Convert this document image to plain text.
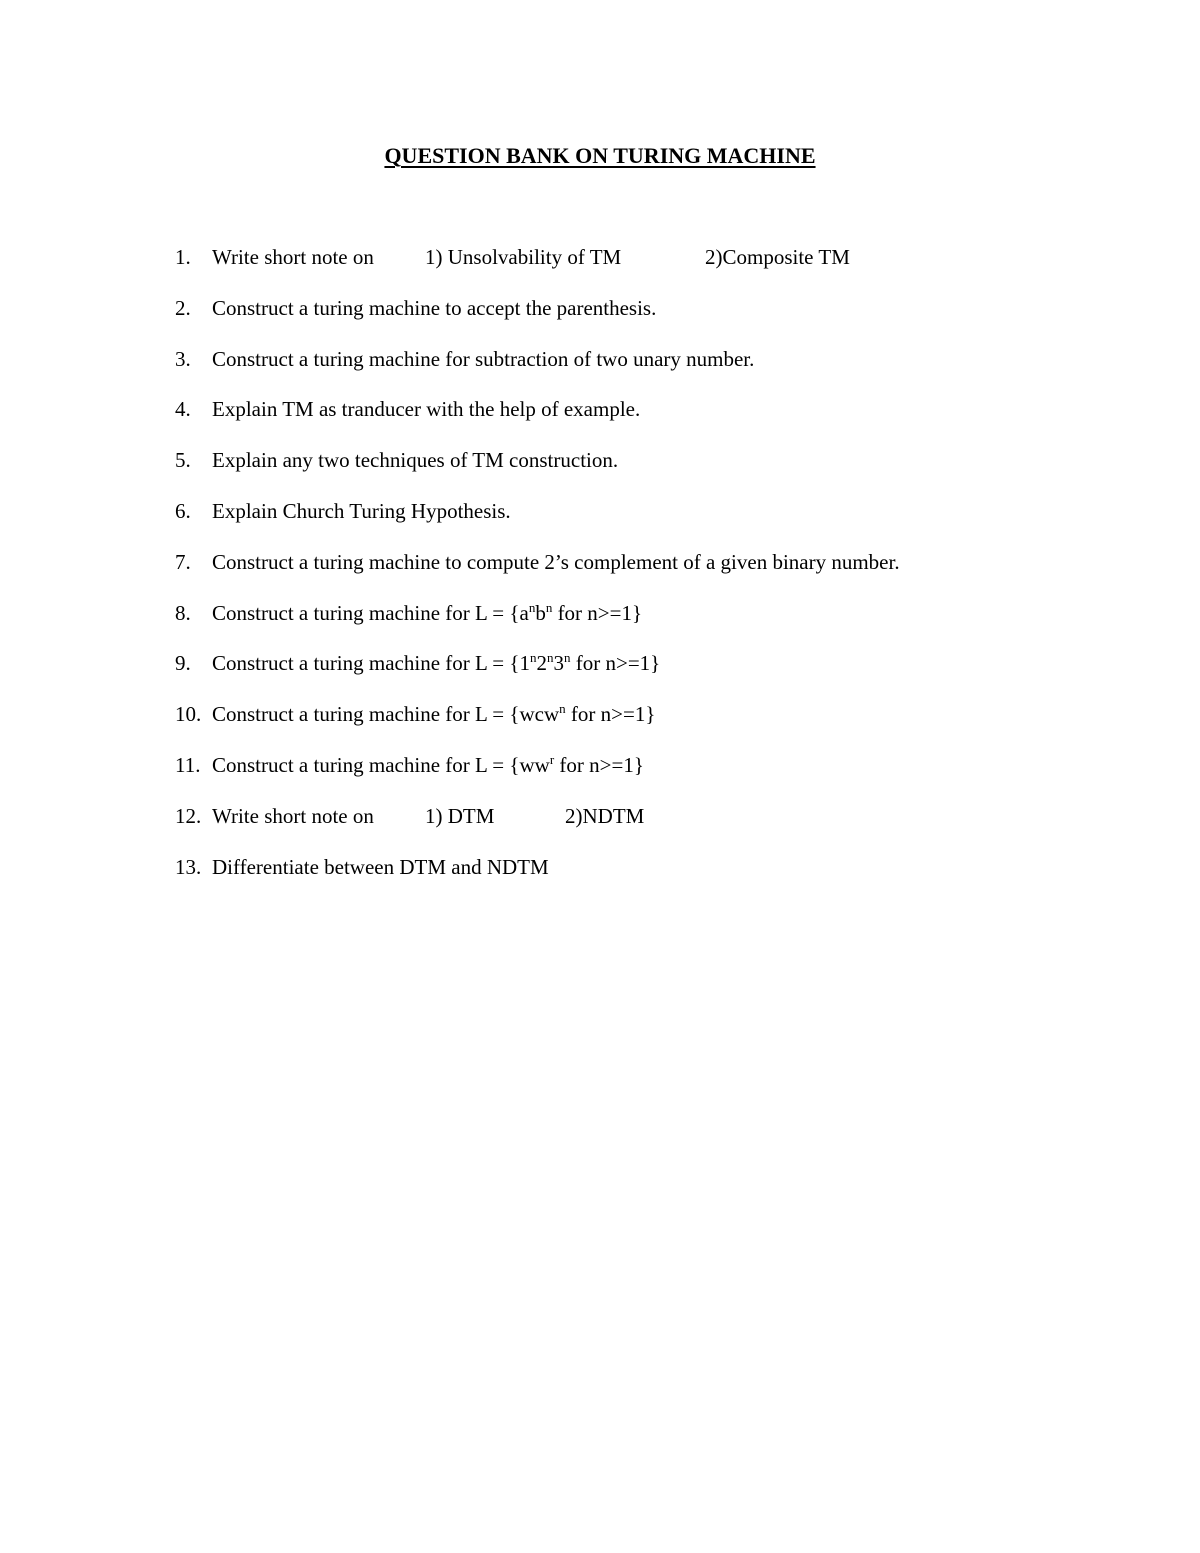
QUESTION BANK ON TURING MACHINE
1. Write short note on 1) Unsolvability of TM	2)Composite TM
2. Construct a turing machine to accept the parenthesis.
3. Construct a turing machine for subtraction of two unary number.
4. Explain TM as tranducer with the help of example.
5. Explain any two techniques of TM construction.
6. Explain Church Turing Hypothesis.
7. Construct a turing machine to compute 2’s complement of a given binary number.
8. Construct a turing machine for $L = \{a^nb^n$ for n>=1}
9. Construct a turing machine for $L = \{1^n2^n3^n$ for n>=1}
10. Construct a turing machine for L = {wcw$^n$ for n>=1}
11. Construct a turing machine for $L = \{ww^r$ for n>=1}
12. Write short note on 1) DTM	2)NDTM
13. Differentiate between DTM and NDTM
